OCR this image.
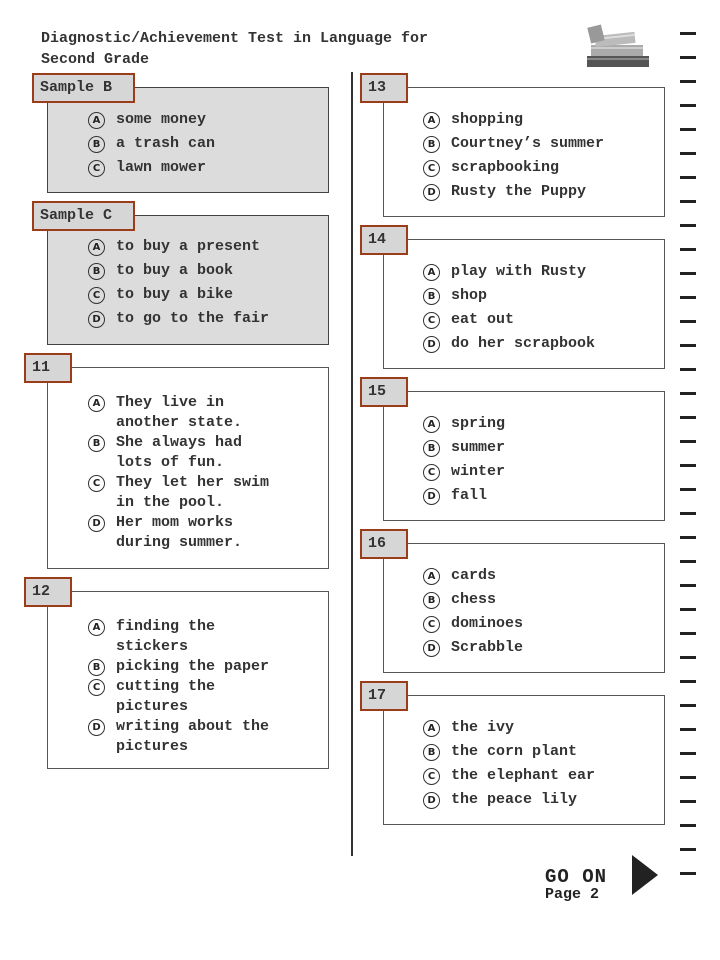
Diagnostic/Achievement Test in Language for
Second Grade
Sample B
A	some money
B	a trash can
C	lawn mower
Sample C
A	to buy a present
B	to buy a book
C	to buy a bike
D to go to the fair
11
A	They live in
another state.
B	She always had
lots of fun.
C	They let her swim
in the pool.
D Her mom works
during summer.
12
A	finding the
stickers
B	picking the paper
C	cutting the
pictures
D writing about the
pictures
13
A	shopping
B	Courtney’s summer
C	scrapbooking
D Rusty the Puppy
14
A	play with Rusty
B	shop
C	eat out
D do her scrapbook
15
A	spring
B	summer
C	winter
D fall
16
A	cards
B	chess
C	dominoes
D Scrabble
17
A	the ivy
B	the corn plant
C	the elephant ear
D the peace lily
GO ON
Page 2
